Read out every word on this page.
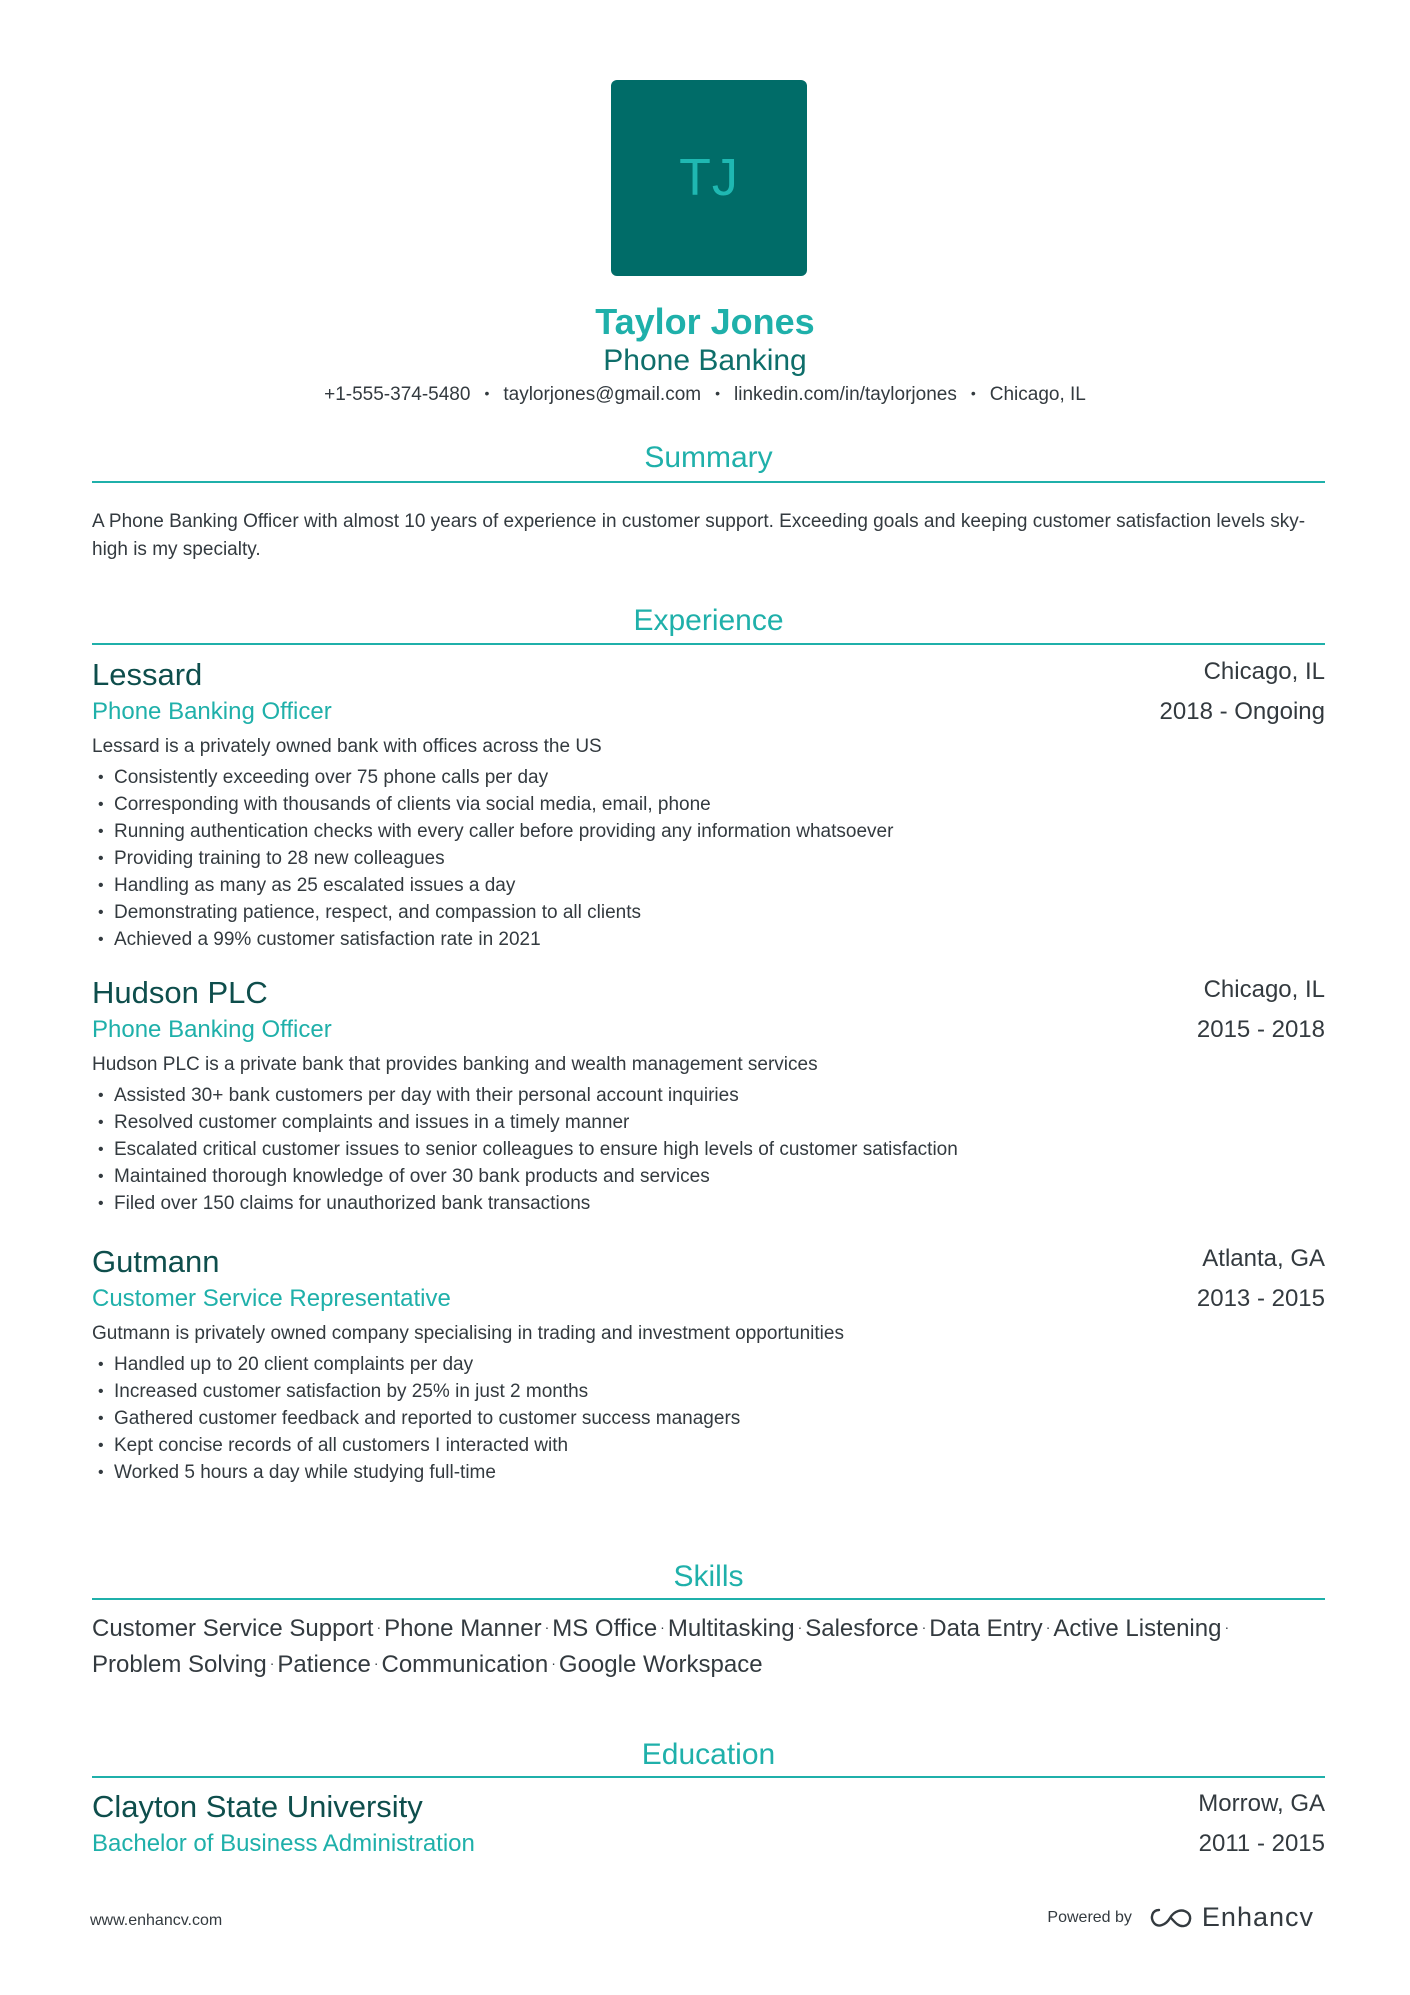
TJ
Taylor Jones
Phone Banking
+1-555-374-5480 • taylorjones@gmail.com • linkedin.com/in/taylorjones • Chicago, IL
Summary
A Phone Banking Officer with almost 10 years of experience in customer support. Exceeding goals and keeping customer satisfaction levels sky-high is my specialty.
Experience
Lessard	Chicago, IL
Phone Banking Officer	2018 - Ongoing
Lessard is a privately owned bank with offices across the US
• Consistently exceeding over 75 phone calls per day
• Corresponding with thousands of clients via social media, email, phone
• Running authentication checks with every caller before providing any information whatsoever
• Providing training to 28 new colleagues
• Handling as many as 25 escalated issues a day
• Demonstrating patience, respect, and compassion to all clients
• Achieved a 99% customer satisfaction rate in 2021
Hudson PLC	Chicago, IL
Phone Banking Officer	2015 - 2018
Hudson PLC is a private bank that provides banking and wealth management services
• Assisted 30+ bank customers per day with their personal account inquiries
• Resolved customer complaints and issues in a timely manner
• Escalated critical customer issues to senior colleagues to ensure high levels of customer satisfaction
• Maintained thorough knowledge of over 30 bank products and services
• Filed over 150 claims for unauthorized bank transactions
Gutmann	Atlanta, GA
Customer Service Representative	2013 - 2015
Gutmann is privately owned company specialising in trading and investment opportunities
• Handled up to 20 client complaints per day
• Increased customer satisfaction by 25% in just 2 months
• Gathered customer feedback and reported to customer success managers
• Kept concise records of all customers I interacted with
• Worked 5 hours a day while studying full-time
Skills
Customer Service Support · Phone Manner · MS Office · Multitasking · Salesforce · Data Entry · Active Listening ·
Problem Solving · Patience · Communication · Google Workspace
Education
Clayton State University	Morrow, GA
Bachelor of Business Administration	2011 - 2015
www.enhancv.com	Powered by	Enhancv
